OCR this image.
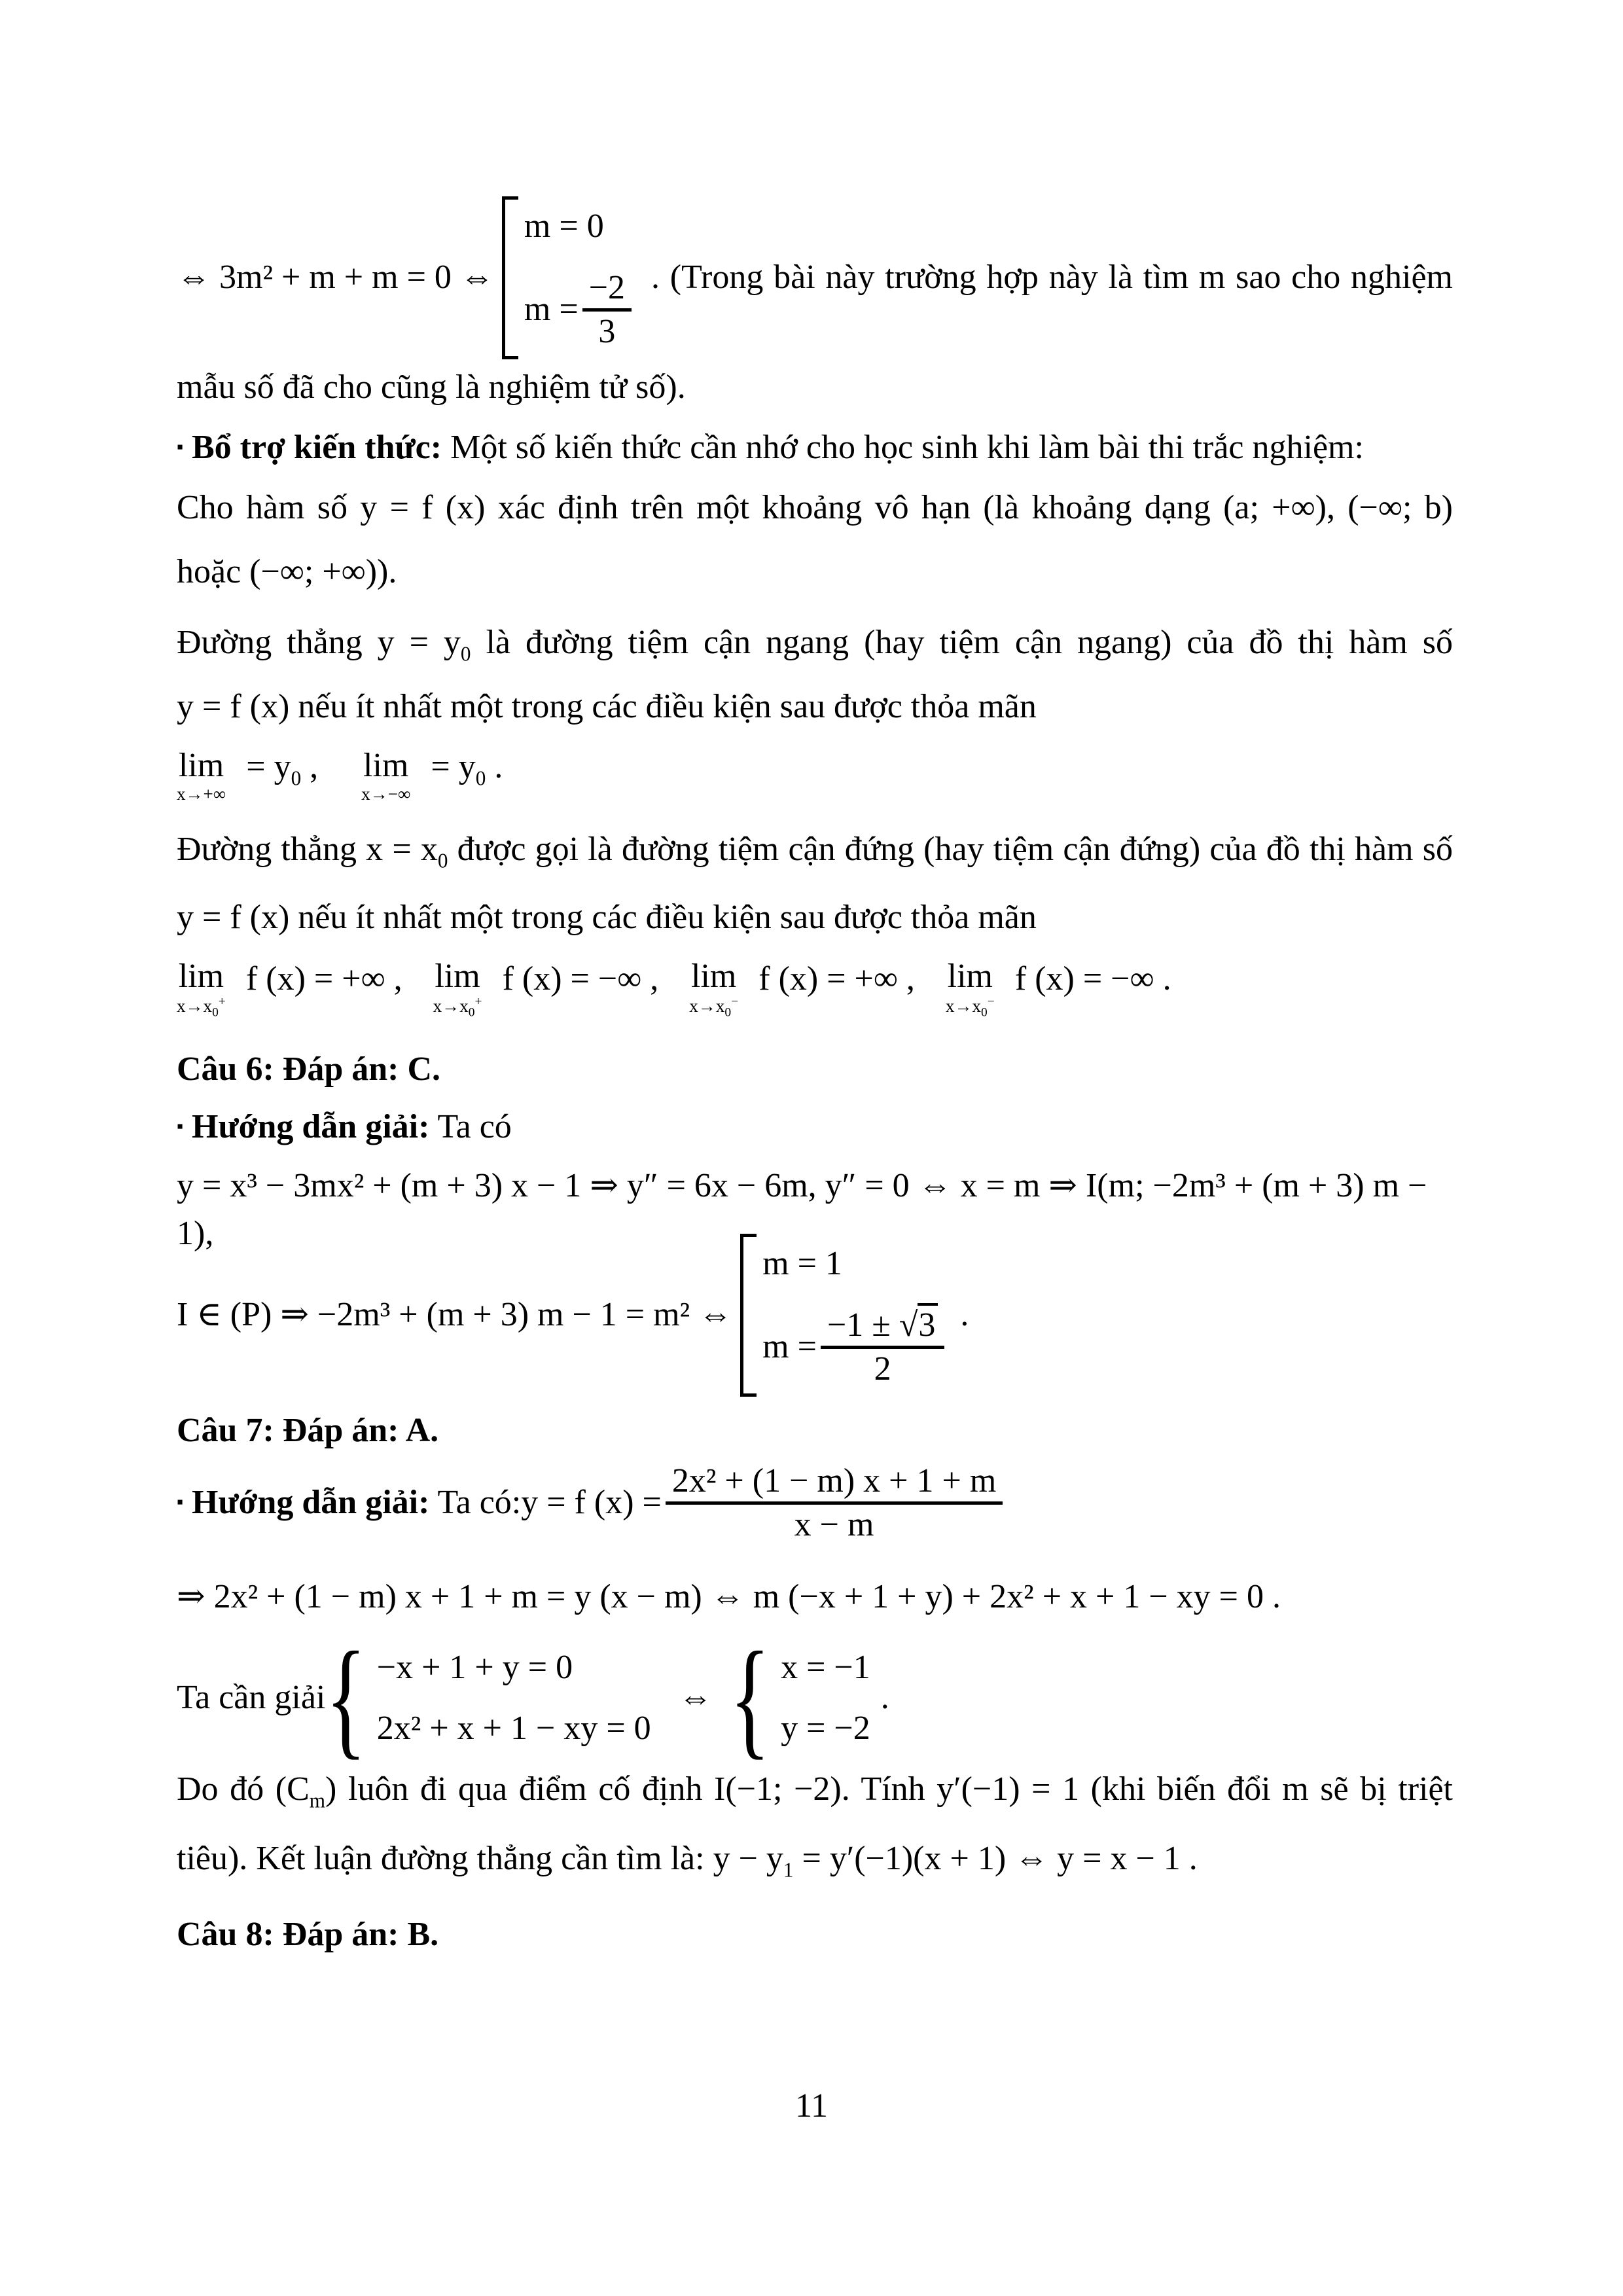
⇔ 3m² + m + m = 0 ⇔
m = 0
$m = \frac{-2}{3}$ . (Trong bài này trường hợp này là tìm m sao cho nghiệm
mẫu số đã cho cũng là nghiệm tử số).
▪ Bổ trợ kiến thức: Một số kiến thức cần nhớ cho học sinh khi làm bài thi trắc nghiệm:
Cho hàm số y = f (x) xác định trên một khoảng vô hạn (là khoảng dạng (a; +∞), (−∞; b)
hoặc (−∞; +∞)).
Đường thẳng $y = y_0$ là đường tiệm cận ngang (hay tiệm cận ngang) của đồ thị hàm số
y = f (x) nếu ít nhất một trong các điều kiện sau được thỏa mãn
lim
x→+∞
= $y_0$ , lim
x→−∞
= $y_0$ .
Đường thẳng $x = x_0$ được gọi là đường tiệm cận đứng (hay tiệm cận đứng) của đồ thị hàm số
y = f (x) nếu ít nhất một trong các điều kiện sau được thỏa mãn
lim
$x\to x_0^+$
f (x) = +∞ , lim
$x\to x_0^+$
f (x) = −∞ , lim
$x\to x_0^-$
f (x) = +∞ , lim
$x\to x_0^-$
f (x) = −∞ .
Câu 6: Đáp án: C.
▪ Hướng dẫn giải: Ta có
y = x³ − 3mx² + (m + 3) x − 1 ⇒ y″ = 6x − 6m, y″ = 0 ⇔ x = m ⇒ I(m; −2m³ + (m + 3) m − 1),
I ∈ (P) ⇒ −2m³ + (m + 3) m − 1 = m² ⇔
m = 1
$m = \frac{-1 \pm √3}{2}$ .
Câu 7: Đáp án: A.
▪ Hướng dẫn giải: Ta có: y = f $(x) = \frac{\text{2x² + (1 − m) x + 1 + m}}{x - m}$
⇒ 2x² + (1 − m) x + 1 + m = y (x − m) ⇔ m (−x + 1 + y) + 2x² + x + 1 − xy = 0 .
Ta cần giải { −x + 1 + y = 0
2x² + x + 1 − xy = 0
⇔ { x = −1
y = −2
.
Do đó $(C_m)$ luôn đi qua điểm cố định I(−1; −2). Tính y′(−1) = 1 (khi biến đổi m sẽ bị triệt
tiêu). Kết luận đường thẳng cần tìm là: $y - y_1 = y'(-1)(x + 1)$ ⇔ y = x − 1 .
Câu 8: Đáp án: B.
11
